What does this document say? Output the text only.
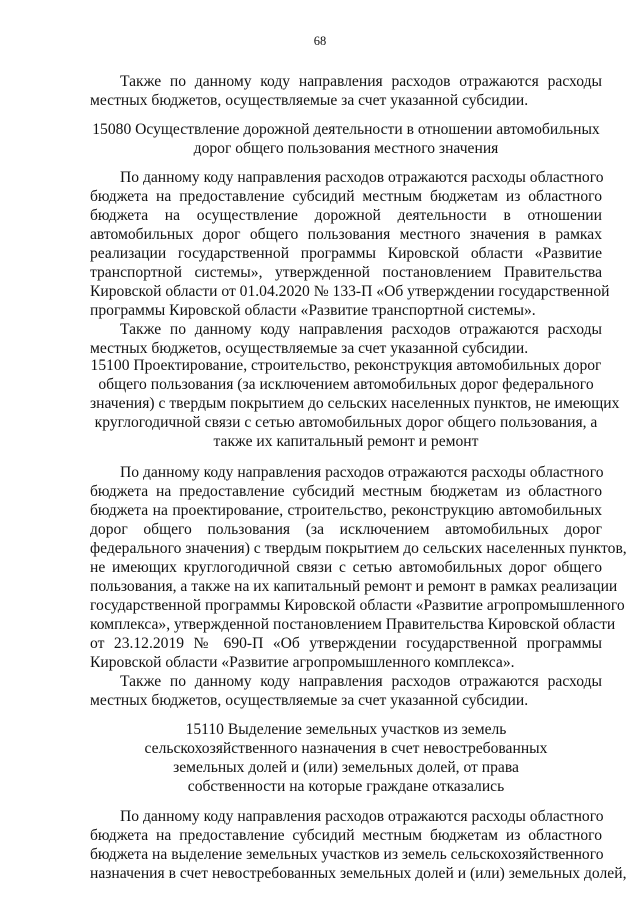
68
Также по данному коду направления расходов отражаются расходы
местных бюджетов, осуществляемые за счет указанной субсидии.
15080 Осуществление дорожной деятельности в отношении автомобильных
дорог общего пользования местного значения
По данному коду направления расходов отражаются расходы областного
бюджета на предоставление субсидий местным бюджетам из областного
бюджета на осуществление дорожной деятельности в отношении
автомобильных дорог общего пользования местного значения в рамках
реализации государственной программы Кировской области «Развитие
транспортной системы», утвержденной постановлением Правительства
Кировской области от 01.04.2020 № 133-П «Об утверждении государственной
программы Кировской области «Развитие транспортной системы».
Также по данному коду направления расходов отражаются расходы
местных бюджетов, осуществляемые за счет указанной субсидии.
15100 Проектирование, строительство, реконструкция автомобильных дорог
общего пользования (за исключением автомобильных дорог федерального
значения) с твердым покрытием до сельских населенных пунктов, не имеющих
круглогодичной связи с сетью автомобильных дорог общего пользования, а
также их капитальный ремонт и ремонт
По данному коду направления расходов отражаются расходы областного
бюджета на предоставление субсидий местным бюджетам из областного
бюджета на проектирование, строительство, реконструкцию автомобильных
дорог общего пользования (за исключением автомобильных дорог
федерального значения) с твердым покрытием до сельских населенных пунктов,
не имеющих круглогодичной связи с сетью автомобильных дорог общего
пользования, а также на их капитальный ремонт и ремонт в рамках реализации
государственной программы Кировской области «Развитие агропромышленного
комплекса», утвержденной постановлением Правительства Кировской области
от 23.12.2019 № 690-П «Об утверждении государственной программы
Кировской области «Развитие агропромышленного комплекса».
Также по данному коду направления расходов отражаются расходы
местных бюджетов, осуществляемые за счет указанной субсидии.
15110 Выделение земельных участков из земель
сельскохозяйственного назначения в счет невостребованных
земельных долей и (или) земельных долей, от права
собственности на которые граждане отказались
По данному коду направления расходов отражаются расходы областного
бюджета на предоставление субсидий местным бюджетам из областного
бюджета на выделение земельных участков из земель сельскохозяйственного
назначения в счет невостребованных земельных долей и (или) земельных долей,
